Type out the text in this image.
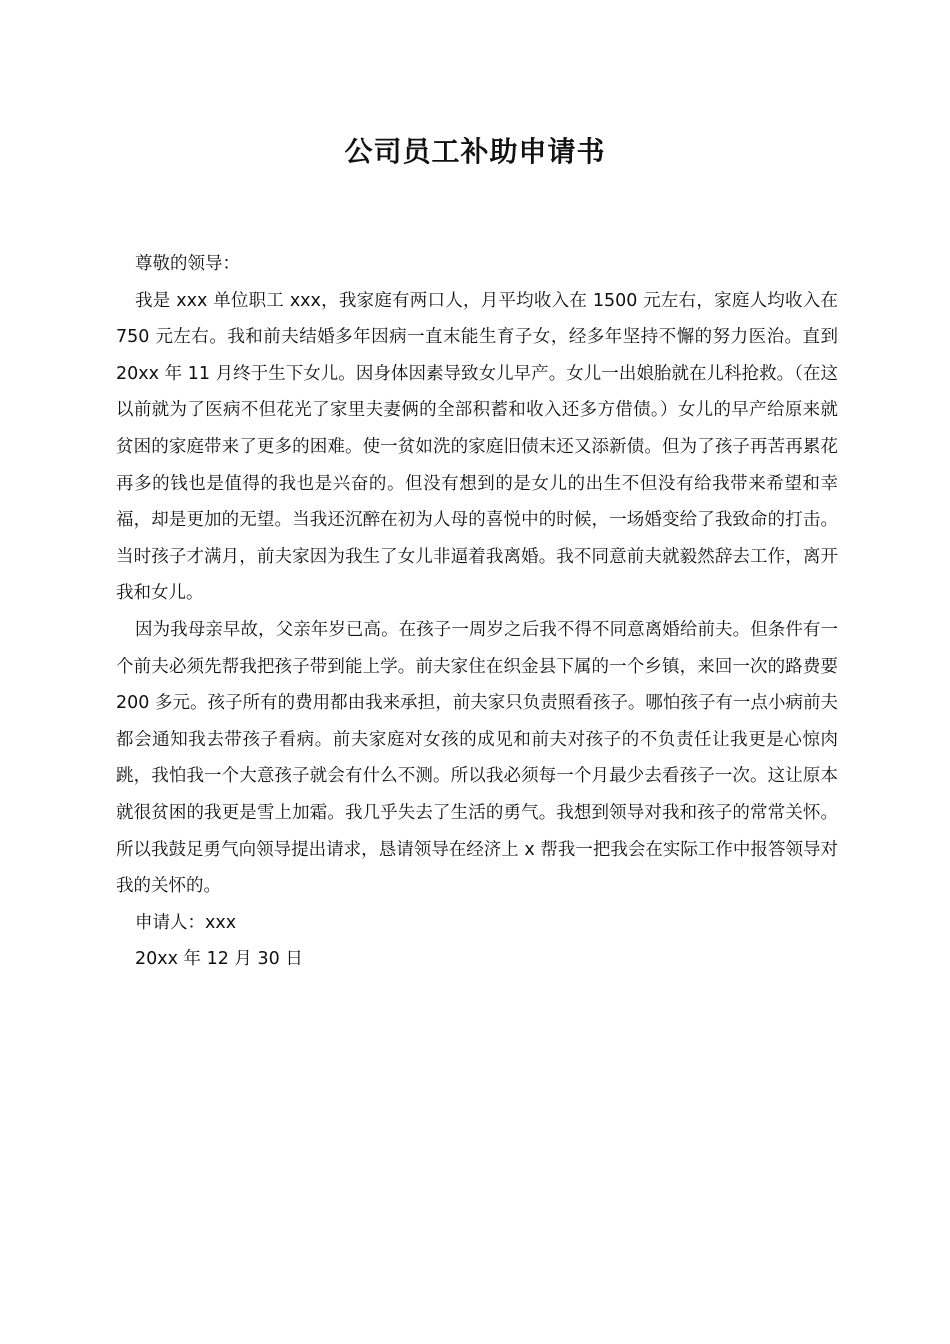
公司员工补助申请书

尊敬的领导：

我是 xxx 单位职工 xxx，我家庭有两口人，月平均收入在 1500 元左右，家庭人均收入在 750 元左右。我和前夫结婚多年因病一直末能生育子女，经多年坚持不懈的努力医治。直到 20xx 年 11 月终于生下女儿。因身体因素导致女儿早产。女儿一出娘胎就在儿科抢救。（在这以前就为了医病不但花光了家里夫妻俩的全部积蓄和收入还多方借债。）女儿的早产给原来就贫困的家庭带来了更多的困难。使一贫如洗的家庭旧债末还又添新债。但为了孩子再苦再累花再多的钱也是值得的我也是兴奋的。但没有想到的是女儿的出生不但没有给我带来希望和幸福，却是更加的无望。当我还沉醉在初为人母的喜悦中的时候，一场婚变给了我致命的打击。当时孩子才满月，前夫家因为我生了女儿非逼着我离婚。我不同意前夫就毅然辞去工作，离开我和女儿。

因为我母亲早故，父亲年岁已高。在孩子一周岁之后我不得不同意离婚给前夫。但条件有一个前夫必须先帮我把孩子带到能上学。前夫家住在织金县下属的一个乡镇，来回一次的路费要 200 多元。孩子所有的费用都由我来承担，前夫家只负责照看孩子。哪怕孩子有一点小病前夫都会通知我去带孩子看病。前夫家庭对女孩的成见和前夫对孩子的不负责任让我更是心惊肉跳，我怕我一个大意孩子就会有什么不测。所以我必须每一个月最少去看孩子一次。这让原本就很贫困的我更是雪上加霜。我几乎失去了生活的勇气。我想到领导对我和孩子的常常关怀。所以我鼓足勇气向领导提出请求，恳请领导在经济上 x 帮我一把我会在实际工作中报答领导对我的关怀的。

申请人：xxx

20xx 年 12 月 30 日
